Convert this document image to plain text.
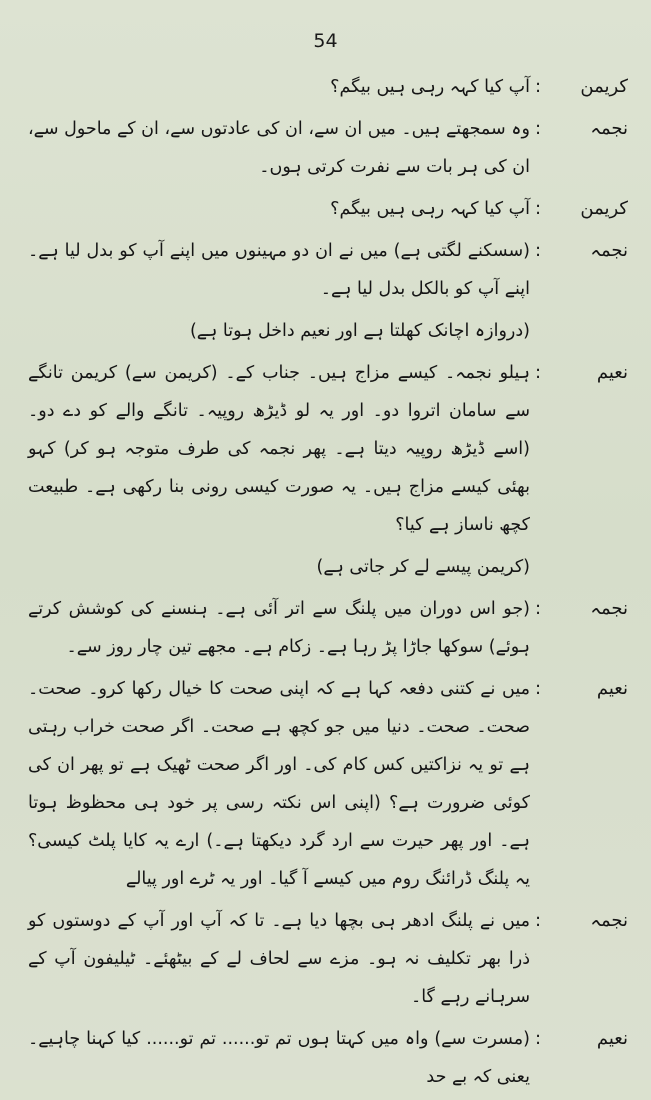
54
کریمن
:
آپ کیا کہہ رہی ہیں بیگم؟
نجمہ
:
وہ سمجھتے ہیں۔ میں ان سے، ان کی عادتوں سے، ان کے ماحول سے، ان کی ہر بات سے نفرت کرتی ہوں۔
کریمن
:
آپ کیا کہہ رہی ہیں بیگم؟
نجمہ
:
(سسکنے لگتی ہے) میں نے ان دو مہینوں میں اپنے آپ کو بدل لیا ہے۔ اپنے آپ کو بالکل بدل لیا ہے۔
(دروازہ اچانک کھلتا ہے اور نعیم داخل ہوتا ہے)
نعیم
:
ہیلو نجمہ۔ کیسے مزاج ہیں۔ جناب کے۔ (کریمن سے) کریمن تانگے سے سامان اتروا دو۔ اور یہ لو ڈیڑھ روپیہ۔ تانگے والے کو دے دو۔ (اسے ڈیڑھ روپیہ دیتا ہے۔ پھر نجمہ کی طرف متوجہ ہو کر) کہو بھئی کیسے مزاج ہیں۔ یہ صورت کیسی رونی بنا رکھی ہے۔ طبیعت کچھ ناساز ہے کیا؟
(کریمن پیسے لے کر جاتی ہے)
نجمہ
:
(جو اس دوران میں پلنگ سے اتر آئی ہے۔ ہنسنے کی کوشش کرتے ہوئے) سوکھا جاڑا پڑ رہا ہے۔ زکام ہے۔ مجھے تین چار روز سے۔
نعیم
:
میں نے کتنی دفعہ کہا ہے کہ اپنی صحت کا خیال رکھا کرو۔ صحت۔ صحت۔ صحت۔ دنیا میں جو کچھ ہے صحت۔ اگر صحت خراب رہتی ہے تو یہ نزاکتیں کس کام کی۔ اور اگر صحت ٹھیک ہے تو پھر ان کی کوئی ضرورت ہے؟ (اپنی اس نکتہ رسی پر خود ہی محظوظ ہوتا ہے۔ اور پھر حیرت سے ارد گرد دیکھتا ہے۔) ارے یہ کایا پلٹ کیسی؟ یہ پلنگ ڈرائنگ روم میں کیسے آ گیا۔ اور یہ ٹرے اور پیالے
نجمہ
:
میں نے پلنگ ادھر ہی بچھا دیا ہے۔ تا کہ آپ اور آپ کے دوستوں کو ذرا بھر تکلیف نہ ہو۔ مزے سے لحاف لے کے بیٹھئے۔ ٹیلیفون آپ کے سرہانے رہے گا۔
نعیم
:
(مسرت سے) واہ میں کہتا ہوں تم تو...... تم تو...... کیا کہنا چاہیے۔ یعنی کہ بے حد
